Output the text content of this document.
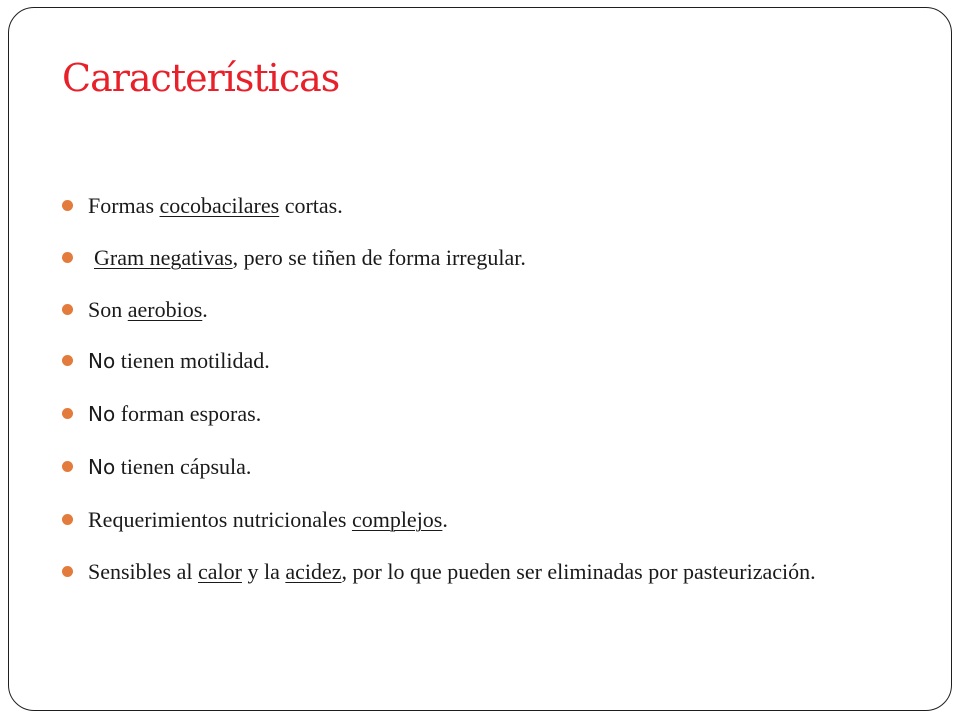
Características
Formas cocobacilares cortas.
Gram negativas, pero se tiñen de forma irregular.
Son aerobios.
No tienen motilidad.
No forman esporas.
No tienen cápsula.
Requerimientos nutricionales complejos.
Sensibles al calor y la acidez, por lo que pueden ser eliminadas por pasteurización.
